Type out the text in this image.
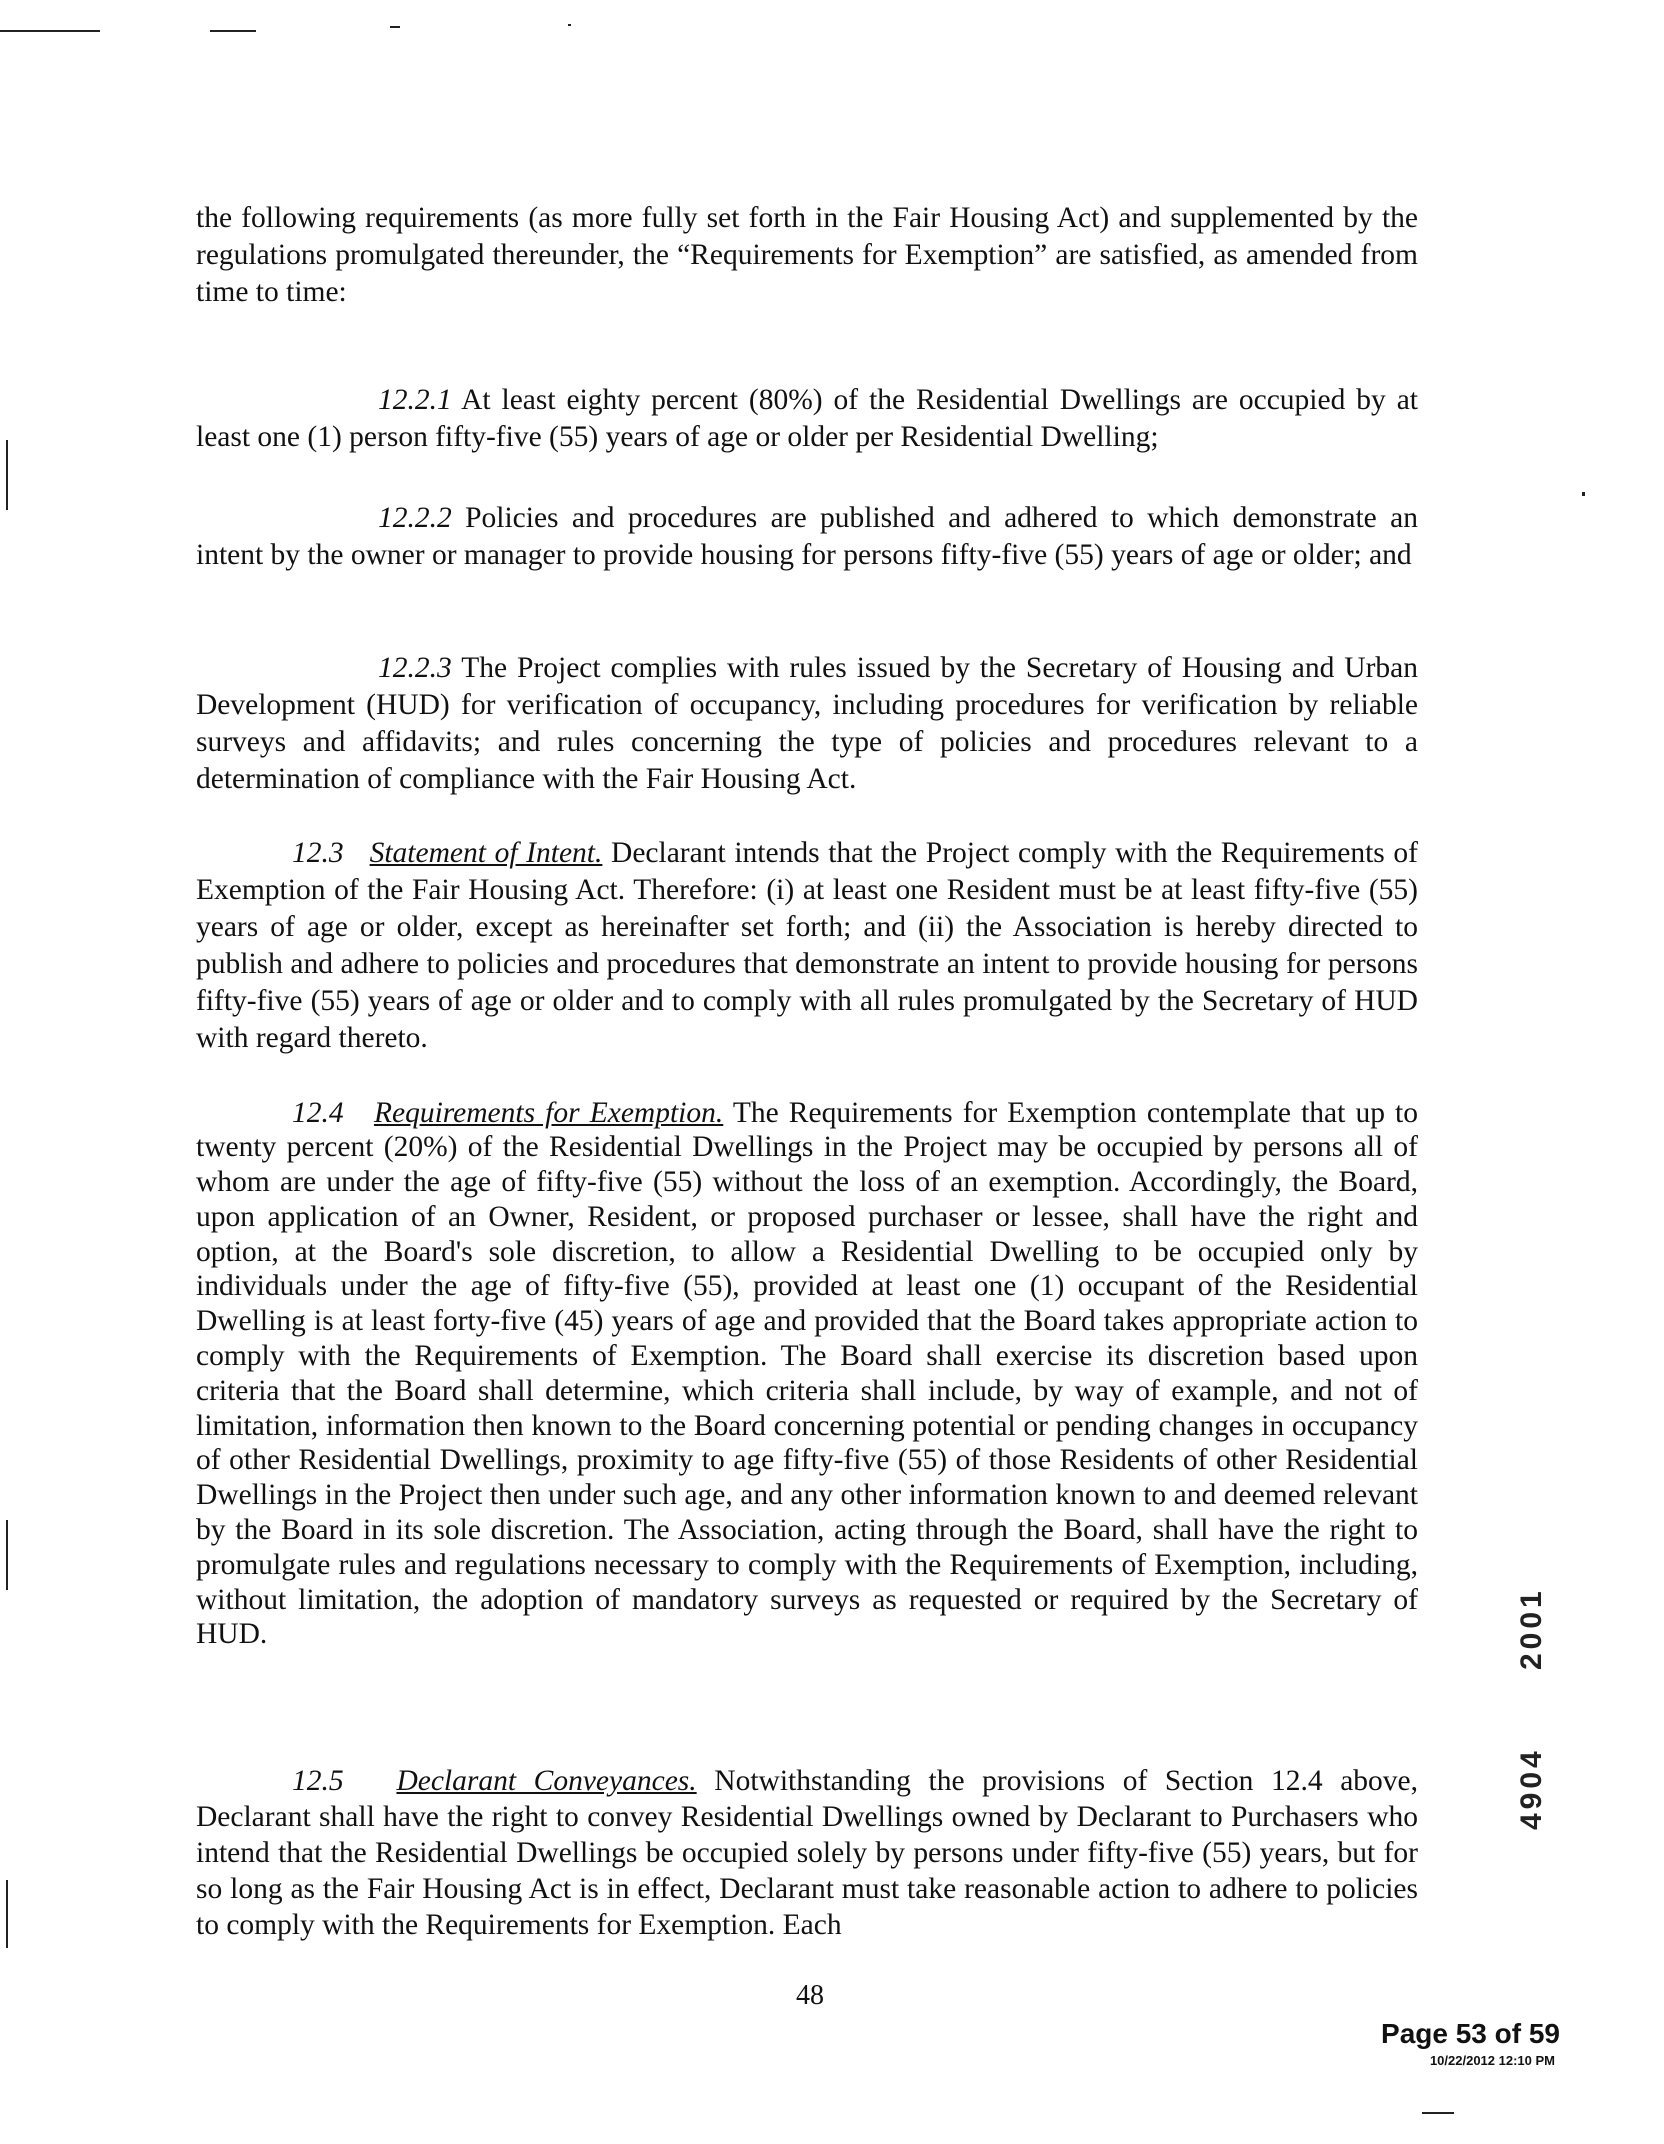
the following requirements (as more fully set forth in the Fair Housing Act) and supplemented by the regulations promulgated thereunder, the “Requirements for Exemption” are satisfied, as amended from time to time:

12.2.1 At least eighty percent (80%) of the Residential Dwellings are occupied by at least one (1) person fifty-five (55) years of age or older per Residential Dwelling;

12.2.2 Policies and procedures are published and adhered to which demonstrate an intent by the owner or manager to provide housing for persons fifty-five (55) years of age or older; and

12.2.3 The Project complies with rules issued by the Secretary of Housing and Urban Development (HUD) for verification of occupancy, including procedures for verification by reliable surveys and affidavits; and rules concerning the type of policies and procedures relevant to a determination of compliance with the Fair Housing Act.

12.3 Statement of Intent. Declarant intends that the Project comply with the Requirements of Exemption of the Fair Housing Act. Therefore: (i) at least one Resident must be at least fifty-five (55) years of age or older, except as hereinafter set forth; and (ii) the Association is hereby directed to publish and adhere to policies and procedures that demonstrate an intent to provide housing for persons fifty-five (55) years of age or older and to comply with all rules promulgated by the Secretary of HUD with regard thereto.

12.4 Requirements for Exemption. The Requirements for Exemption contemplate that up to twenty percent (20%) of the Residential Dwellings in the Project may be occupied by persons all of whom are under the age of fifty-five (55) without the loss of an exemption. Accordingly, the Board, upon application of an Owner, Resident, or proposed purchaser or lessee, shall have the right and option, at the Board's sole discretion, to allow a Residential Dwelling to be occupied only by individuals under the age of fifty-five (55), provided at least one (1) occupant of the Residential Dwelling is at least forty-five (45) years of age and provided that the Board takes appropriate action to comply with the Requirements of Exemption. The Board shall exercise its discretion based upon criteria that the Board shall determine, which criteria shall include, by way of example, and not of limitation, information then known to the Board concerning potential or pending changes in occupancy of other Residential Dwellings, proximity to age fifty-five (55) of those Residents of other Residential Dwellings in the Project then under such age, and any other information known to and deemed relevant by the Board in its sole discretion. The Association, acting through the Board, shall have the right to promulgate rules and regulations necessary to comply with the Requirements of Exemption, including, without limitation, the adoption of mandatory surveys as requested or required by the Secretary of HUD.

12.5 Declarant Conveyances. Notwithstanding the provisions of Section 12.4 above, Declarant shall have the right to convey Residential Dwellings owned by Declarant to Purchasers who intend that the Residential Dwellings be occupied solely by persons under fifty-five (55) years, but for so long as the Fair Housing Act is in effect, Declarant must take reasonable action to adhere to policies to comply with the Requirements for Exemption. Each

2001
4904
48
Page 53 of 59
10/22/2012 12:10 PM
